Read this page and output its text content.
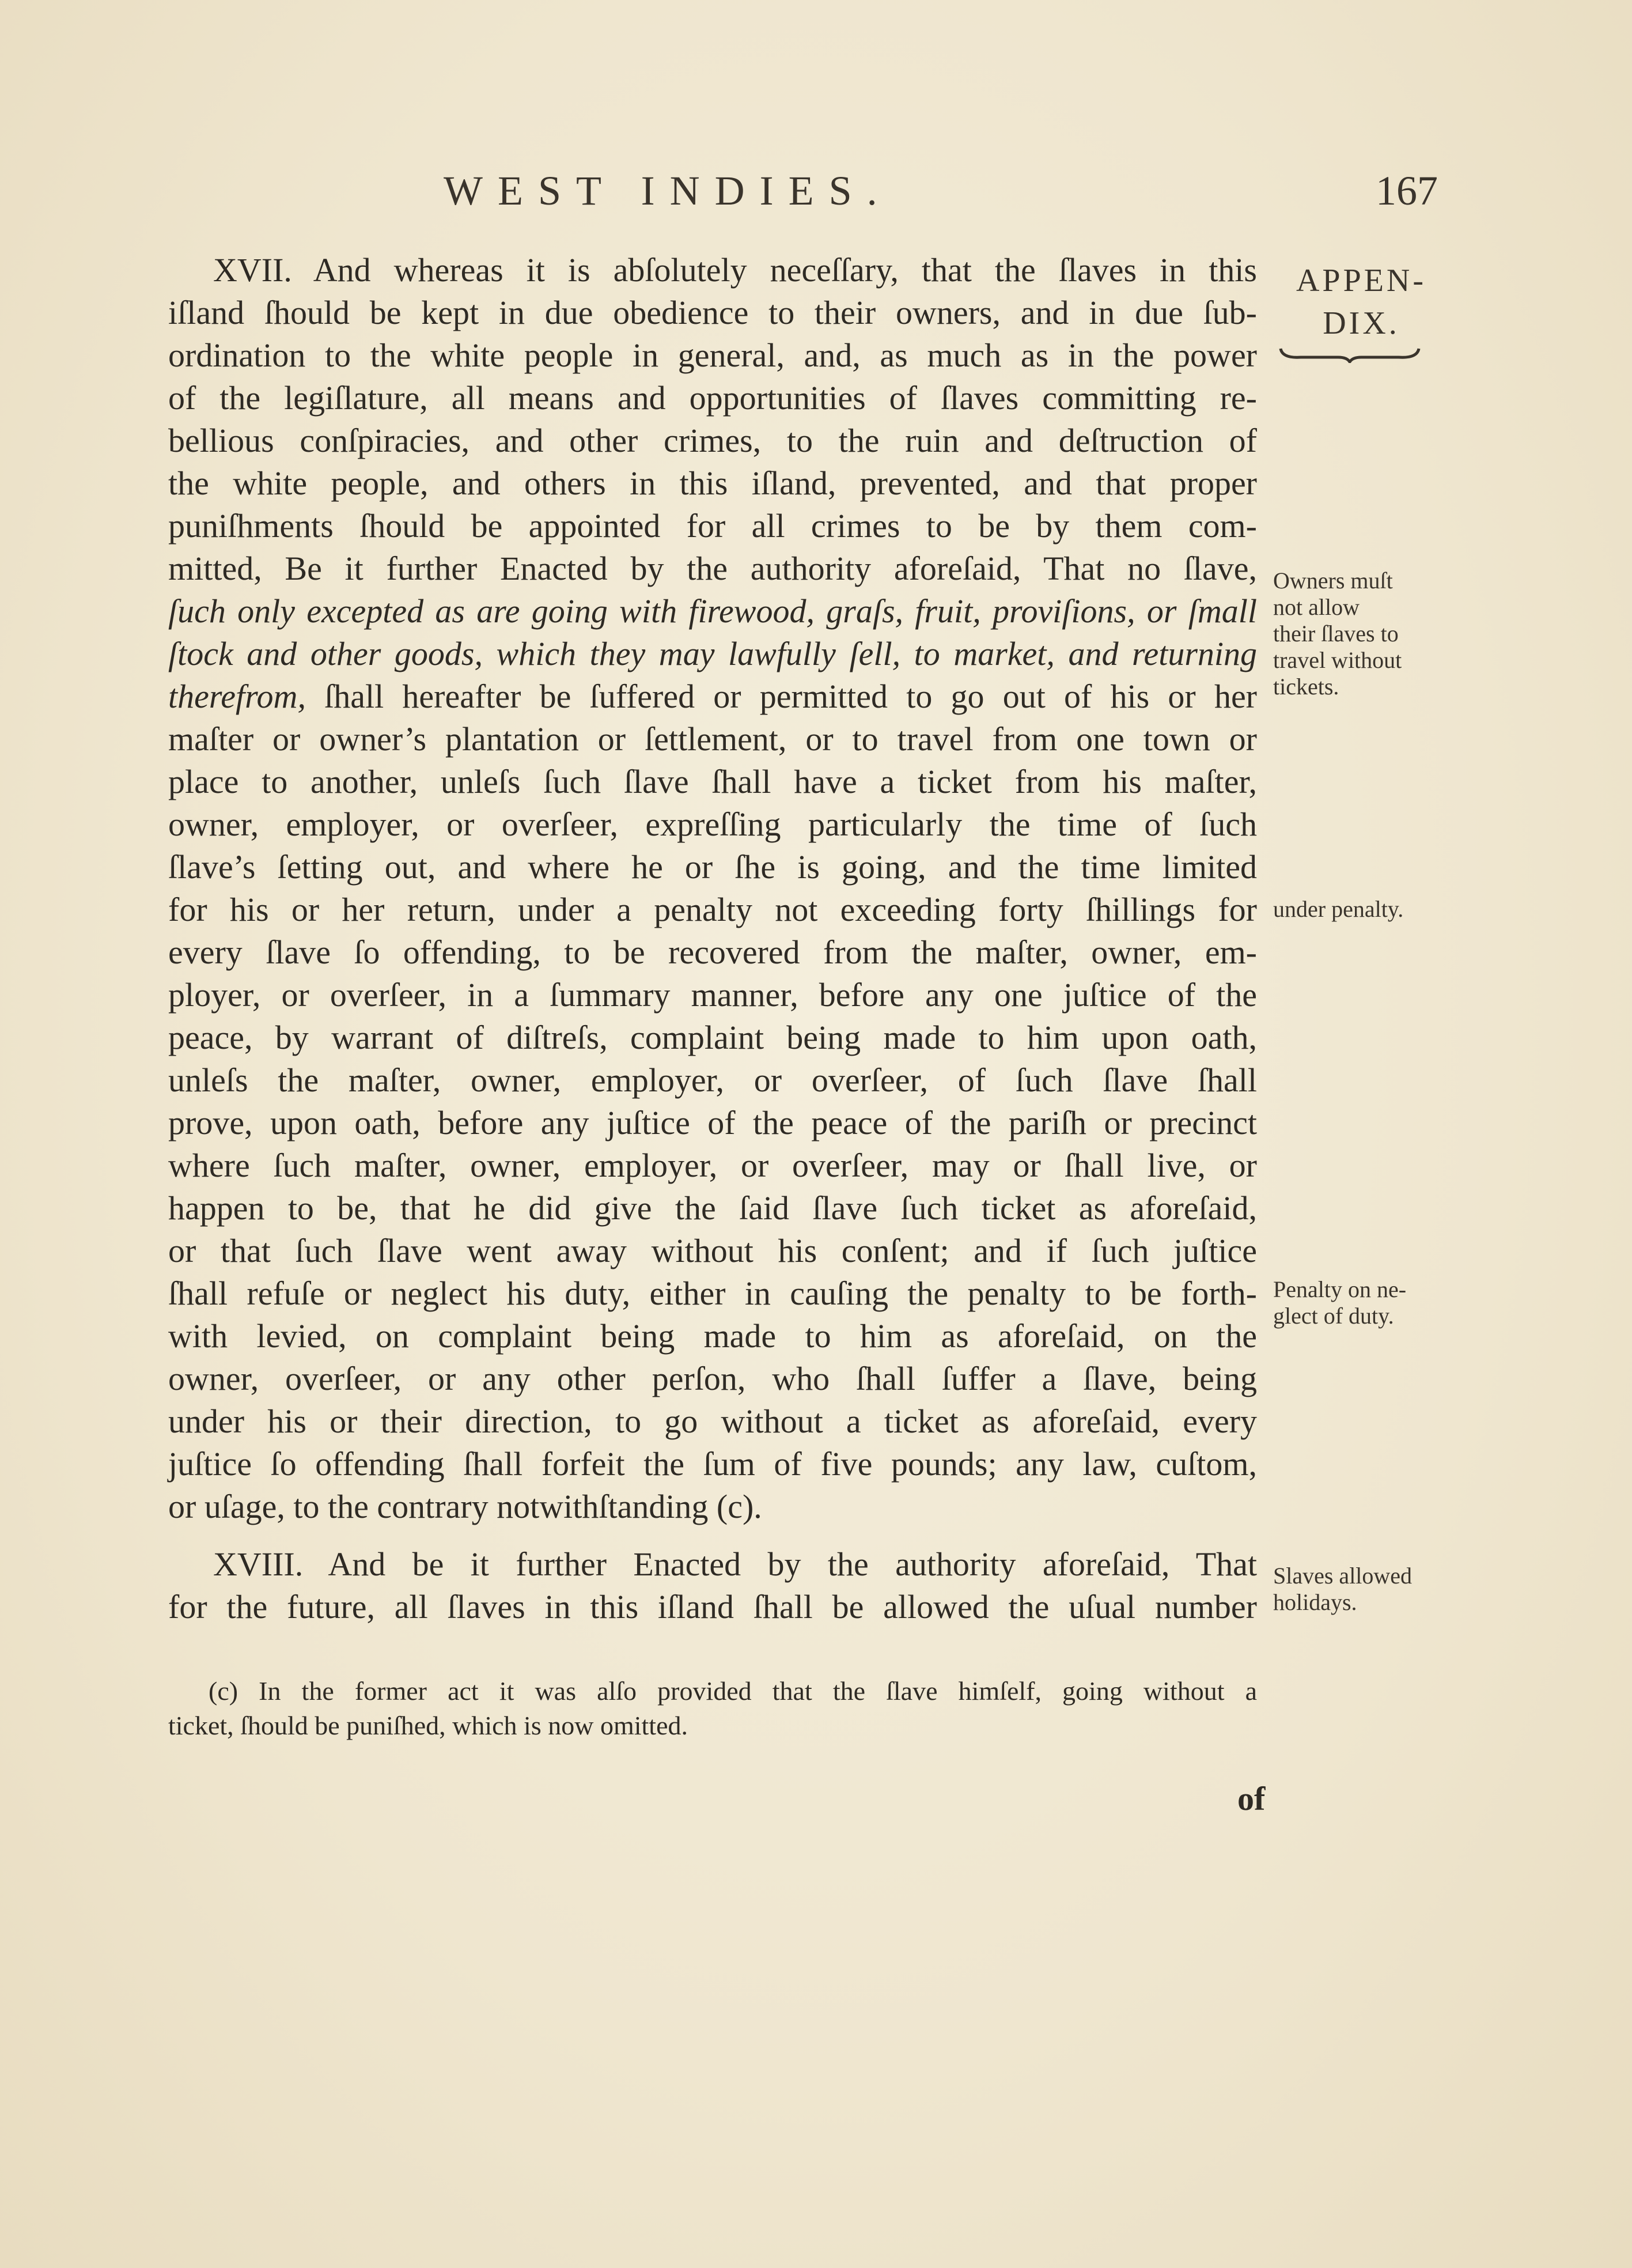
WEST INDIES.	167
APPEN-
DIX.
XVII. And whereas it is abſolutely neceſſary, that the ſlaves in this
iſland ſhould be kept in due obedience to their owners, and in due ſub-
ordination to the white people in general, and, as much as in the power
of the legiſlature, all means and opportunities of ſlaves committing re-
bellious conſpiracies, and other crimes, to the ruin and deſtruction of
the white people, and others in this iſland, prevented, and that proper
puniſhments ſhould be appointed for all crimes to be by them com-
mitted, Be it further Enacted by the authority aforeſaid, That no ſlave,
ſuch only excepted as are going with firewood, graſs, fruit, proviſions, or ſmall
ſtock and other goods, which they may lawfully ſell, to market, and returning
therefrom, ſhall hereafter be ſuffered or permitted to go out of his or her
maſter or owner’s plantation or ſettlement, or to travel from one town or
place to another, unleſs ſuch ſlave ſhall have a ticket from his maſter,
owner, employer, or overſeer, expreſſing particularly the time of ſuch
ſlave’s ſetting out, and where he or ſhe is going, and the time limited
for his or her return, under a penalty not exceeding forty ſhillings for
every ſlave ſo offending, to be recovered from the maſter, owner, em-
ployer, or overſeer, in a ſummary manner, before any one juſtice of the
peace, by warrant of diſtreſs, complaint being made to him upon oath,
unleſs the maſter, owner, employer, or overſeer, of ſuch ſlave ſhall
prove, upon oath, before any juſtice of the peace of the pariſh or precinct
where ſuch maſter, owner, employer, or overſeer, may or ſhall live, or
happen to be, that he did give the ſaid ſlave ſuch ticket as aforeſaid,
or that ſuch ſlave went away without his conſent; and if ſuch juſtice
ſhall refuſe or neglect his duty, either in cauſing the penalty to be forth-
with levied, on complaint being made to him as aforeſaid, on the
owner, overſeer, or any other perſon, who ſhall ſuffer a ſlave, being
under his or their direction, to go without a ticket as aforeſaid, every
juſtice ſo offending ſhall forfeit the ſum of five pounds; any law, cuſtom,
or uſage, to the contrary notwithſtanding (c).
XVIII. And be it further Enacted by the authority aforeſaid, That
for the future, all ſlaves in this iſland ſhall be allowed the uſual number
Owners muſt
not allow
their ſlaves to
travel without
tickets.
under penalty.
Penalty on ne-
glect of duty.
Slaves allowed
holidays.
(c) In the former act it was alſo provided that the ſlave himſelf, going without a
ticket, ſhould be puniſhed, which is now omitted.
of
